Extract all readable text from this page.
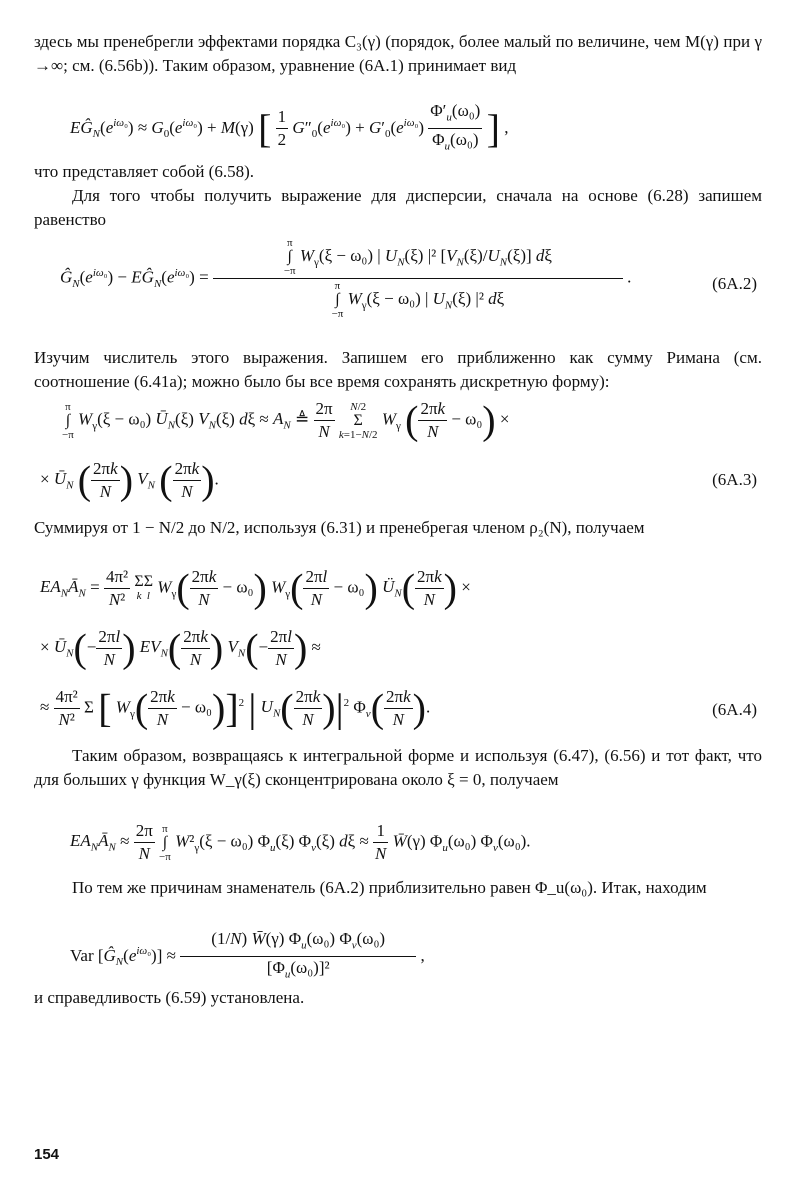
здесь мы пренебрегли эффектами порядка C₃(γ) (порядок, более малый по величине, чем M(γ) при γ →∞; см. (6.56b)). Таким образом, уравнение (6A.1) принимает вид

$EĜ_N(e^{i\omega_0}) \approx G_0(e^{i\omega_0}) + M(\gamma)$ [ $\frac{1}{2} G''_0(e^{i\omega_0}) + G'_0(e^{i\omega_0}) \frac{\Phi'_u(\omega_0)}{\Phi_u(\omega_0)}$ ] ,

что представляет собой (6.58).

Для того чтобы получить выражение для дисперсии, сначала на основе (6.28) запишем равенство

$Ĝ_N(e^{i\omega_0})$ − $EĜ_N(e^{i\omega_0}) = \pi$
∫
−π
$W_\gamma(\xi - \omega_0)$ | $U_N(\xi)$ |² $[V_N(\xi)/U_N(\xi)]$ dξ
π
∫
−π
$W_\gamma(\xi - \omega_0)$ | $U_N(\xi)$ |² dξ .	(6A.2)

Изучим числитель этого выражения. Запишем его приближенно как сумму Римана (см. соотношение (6.41a); можно было бы все время сохранять дискретную форму):

π
∫
−π
$W_\gamma(\xi - \omega_0)$ $Ū_N(\xi)$ $V_N(\xi) d\xi \approx A_N$ ≜ $\frac{2\pi}{N}$
	N/2
Σ
k=1−N/2
$W_\gamma$ ( $\frac{2\pi k}{N} - \omega_0$) ×
× $Ū_N$ ( $\frac{2\pi k}{N}$ ) $V_N$ ( $\frac{2\pi k}{N}$ ).	(6A.3)

Суммируя от 1 − N/2 до N/2, используя (6.31) и пренебрегая членом ρ₂(N), получаем

$EA_NĀ_N = \frac{\text{4π²}}{\text{N²}}$ Σ
k
Σ
l $W_\gamma( \frac{2\pi k}{N} - \omega_0)$ $W_\gamma( \frac{2\pi l}{N} - \omega_0)$ $Ü_N( \frac{2\pi k}{N}$ ) ×
× $Ū_N(- \frac{2\pi l}{N}$ ) $EV_N( \frac{2\pi k}{N}$ ) $V_N(- \frac{2\pi l}{N}$ ) ≈
≈ $\frac{\text{4π²}}{\text{N²}}$ Σ [ $W_\gamma( \frac{2\pi k}{N} - \omega_0)]^2$ | $U_N( \frac{2\pi k}{N} )|^2$ $\Phi_v( \frac{2\pi k}{N}$ ).	(6A.4)

Таким образом, возвращаясь к интегральной форме и используя (6.47), (6.56) и тот факт, что для больших γ функция W_γ(ξ) сконцентрирована около ξ = 0, получаем

$EA_NĀ_N \approx \frac{2\pi}{N}$
π
∫
−π
$W^2_\gamma(\xi - \omega_0)$ $\Phi_u(\xi)$ $\Phi_v(\xi) d\xi \approx \frac{1}{N}$ W̄(γ) $\Phi_u(\omega_0)$ $\Phi_v(\omega_0)$.

По тем же причинам знаменатель (6A.2) приблизительно равен Φ_u(ω₀). Итак, находим

Var $[Ĝ_N(e^{i\omega_0})] \approx \frac{(1/N) W̄(\gamma) \Phi_u(\omega_0) \Phi_v(\omega_0)}{[\Phi_u(\omega_0)]^2}$ ,

и справедливость (6.59) установлена.

154
